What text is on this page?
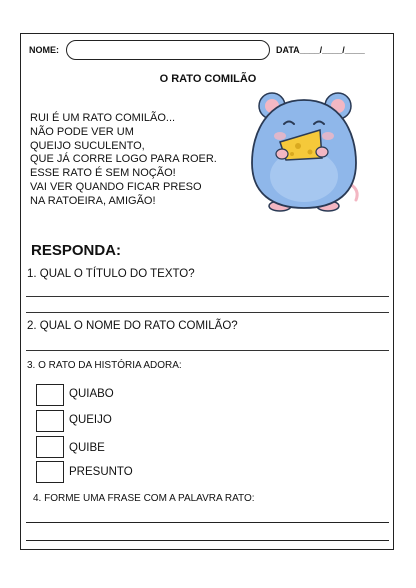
NOME:	DATA____/____/____
O RATO COMILÃO
RUI É UM RATO COMILÃO...
NÃO PODE VER UM
QUEIJO SUCULENTO,
QUE JÁ CORRE LOGO PARA ROER.
ESSE RATO É SEM NOÇÃO!
VAI VER QUANDO FICAR PRESO
NA RATOEIRA, AMIGÃO!
RESPONDA:
1. QUAL O TÍTULO DO TEXTO?
2. QUAL O NOME DO RATO COMILÃO?
3. O RATO DA HISTÓRIA ADORA:
QUIABO
QUEIJO
QUIBE
PRESUNTO
4. FORME UMA FRASE COM A PALAVRA RATO:
